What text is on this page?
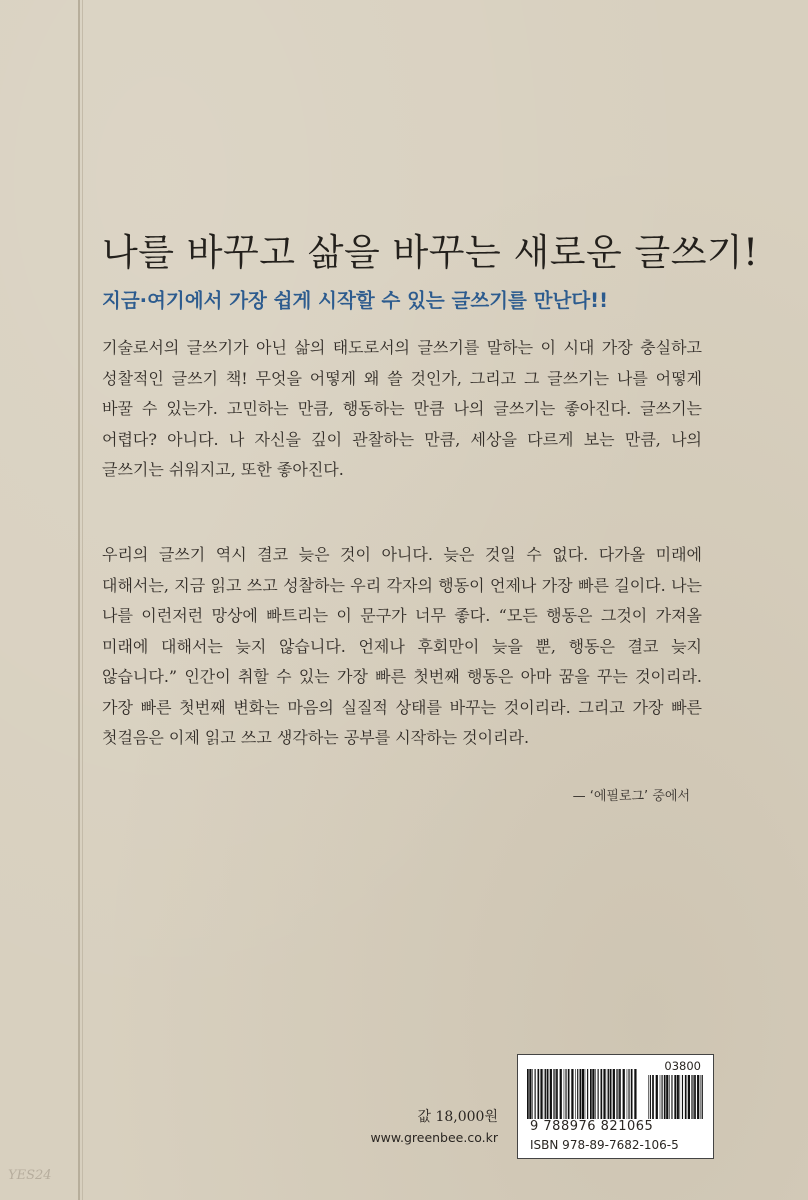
나를 바꾸고 삶을 바꾸는 새로운 글쓰기!
지금·여기에서 가장 쉽게 시작할 수 있는 글쓰기를 만난다!!
기술로서의 글쓰기가 아닌 삶의 태도로서의 글쓰기를 말하는 이 시대 가장 충실하고 성찰적인 글쓰기 책! 무엇을 어떻게 왜 쓸 것인가, 그리고 그 글쓰기는 나를 어떻게 바꿀 수 있는가. 고민하는 만큼, 행동하는 만큼 나의 글쓰기는 좋아진다. 글쓰기는 어렵다? 아니다. 나 자신을 깊이 관찰하는 만큼, 세상을 다르게 보는 만큼, 나의 글쓰기는 쉬워지고, 또한 좋아진다.
우리의 글쓰기 역시 결코 늦은 것이 아니다. 늦은 것일 수 없다. 다가올 미래에 대해서는, 지금 읽고 쓰고 성찰하는 우리 각자의 행동이 언제나 가장 빠른 길이다. 나는 나를 이런저런 망상에 빠트리는 이 문구가 너무 좋다. “모든 행동은 그것이 가져올 미래에 대해서는 늦지 않습니다. 언제나 후회만이 늦을 뿐, 행동은 결코 늦지 않습니다.” 인간이 취할 수 있는 가장 빠른 첫번째 행동은 아마 꿈을 꾸는 것이리라. 가장 빠른 첫번째 변화는 마음의 실질적 상태를 바꾸는 것이리라. 그리고 가장 빠른 첫걸음은 이제 읽고 쓰고 생각하는 공부를 시작하는 것이리라.
— ‘에필로그’ 중에서
값 18,000원
www.greenbee.co.kr
03800
9 788976 821065
ISBN 978-89-7682-106-5
YES24
